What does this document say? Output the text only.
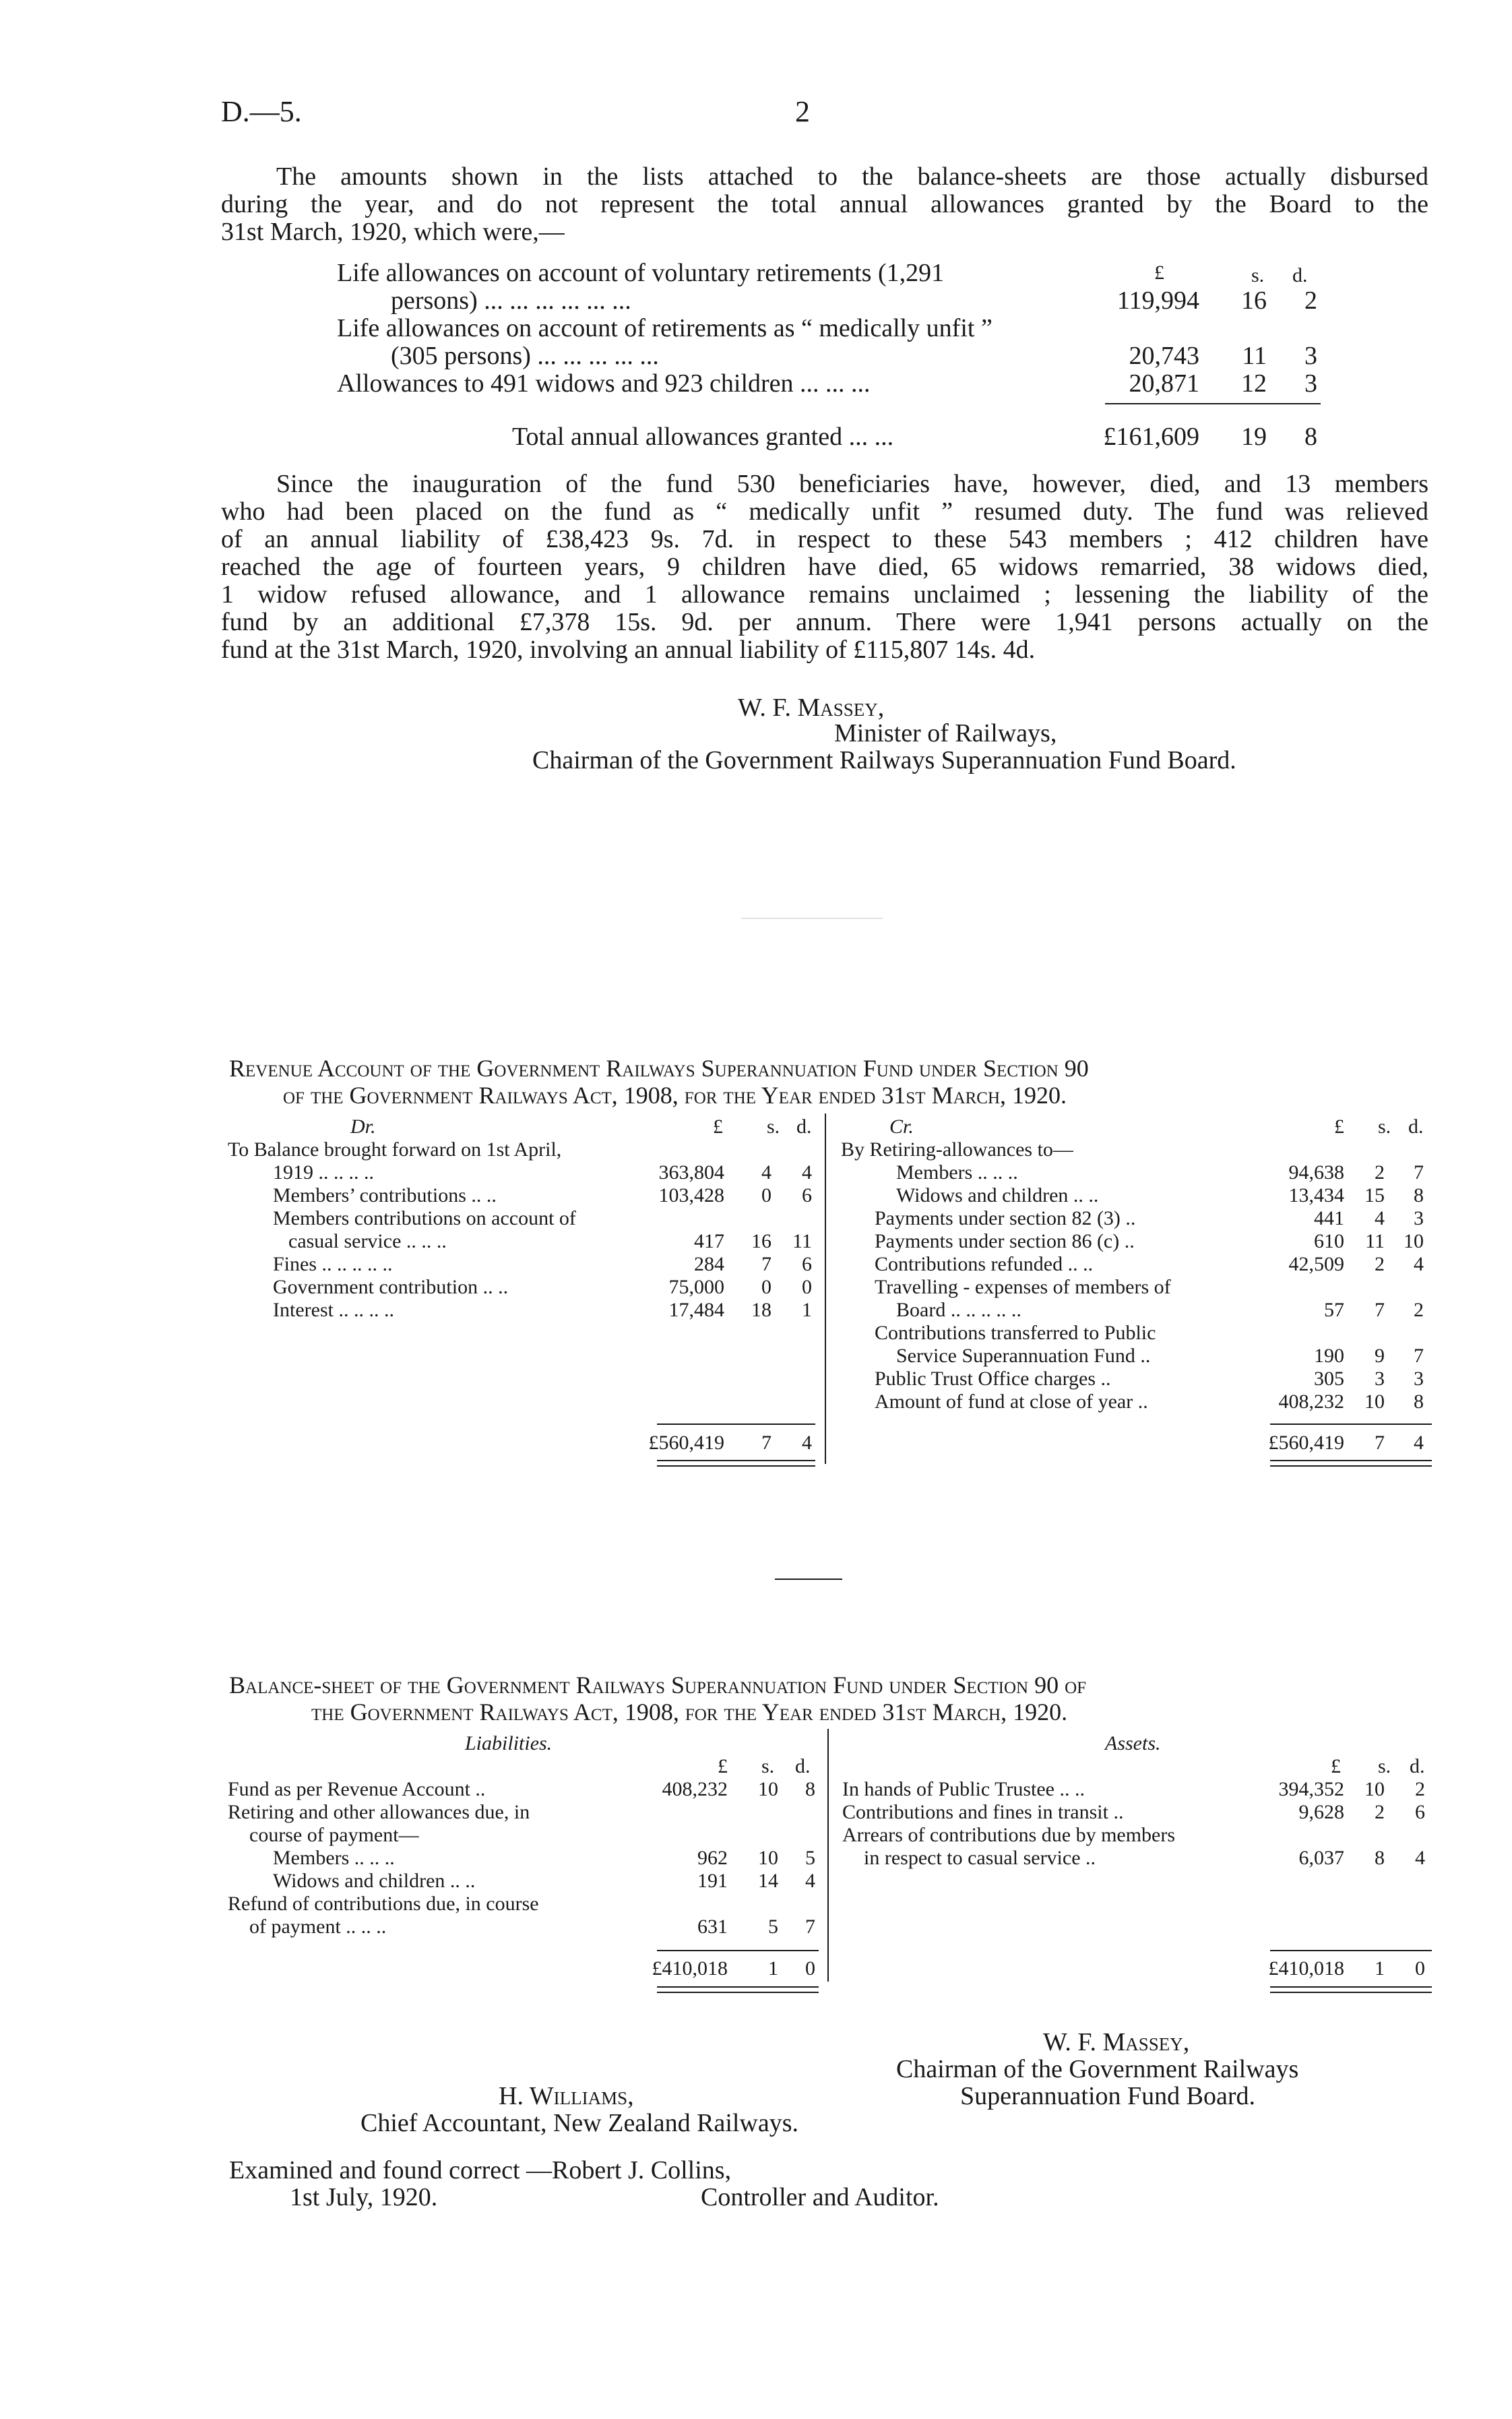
D.—5.	2
The amounts shown in the lists attached to the balance-sheets are those actually disbursed
during the year, and do not represent the total annual allowances granted by the Board to the
31st March, 1920, which were,—
£	s. d.
Life allowances on account of voluntary retirements (1,291
persons) ... ... ... ... ... ...	119,994	16	2
Life allowances on account of retirements as “ medically unfit ”
(305 persons) ... ... ... ... ...	20,743	11	3
Allowances to 491 widows and 923 children ... ... ...	20,871	12	3
Total annual allowances granted ... ...	£161,609	19	8
Since the inauguration of the fund 530 beneficiaries have, however, died, and 13 members
who had been placed on the fund as “ medically unfit ” resumed duty. The fund was relieved
of an annual liability of £38,423 9s. 7d. in respect to these 543 members ; 412 children have
reached the age of fourteen years, 9 children have died, 65 widows remarried, 38 widows died,
1 widow refused allowance, and 1 allowance remains unclaimed ; lessening the liability of the
fund by an additional £7,378 15s. 9d. per annum. There were 1,941 persons actually on the
fund at the 31st March, 1920, involving an annual liability of £115,807 14s. 4d.
W. F. Massey,
Minister of Railways,
Chairman of the Government Railways Superannuation Fund Board.
Revenue Account of the Government Railways Superannuation Fund under Section 90
of the Government Railways Act, 1908, for the Year ended 31st March, 1920.
Dr.	£ s. d.
To Balance brought forward on 1st April,
1919 .. .. .. ..	363,804	4	4
Members’ contributions .. ..	103,428	0	6
Members contributions on account of
casual service .. .. ..	417 16	11
Fines .. .. .. .. ..	284	7	6
Government contribution .. ..	75,000	0	0
Interest .. .. .. ..	17,484 18	1
£560,419	7	4
Cr.	£ s. d.
By Retiring-allowances to—
Members .. .. ..	94,638	2	7
Widows and children .. ..	13,434	15	8
Payments under section 82 (3) ..	441	4	3
Payments under section 86 (c) ..	610	11 10
Contributions refunded .. ..	42,509	2	4
Travelling - expenses of members of
Board .. .. .. .. ..	57	7	2
Contributions transferred to Public
Service Superannuation Fund ..	190	9	7
Public Trust Office charges ..	305	3	3
Amount of fund at close of year ..	408,232	10	8
£560,419	7	4
Balance-sheet of the Government Railways Superannuation Fund under Section 90 of
the Government Railways Act, 1908, for the Year ended 31st March, 1920.
Liabilities.
£ s. d.
Fund as per Revenue Account ..	408,232	10	8
Retiring and other allowances due, in
course of payment—
Members .. .. ..	962	10	5
Widows and children .. ..	191	14	4
Refund of contributions due, in course
of payment .. .. ..	631	5	7
£410,018	1	0
Assets.
£ s. d.
In hands of Public Trustee .. ..	394,352	10	2
Contributions and fines in transit ..	9,628	2	6
Arrears of contributions due by members
in respect to casual service ..	6,037	8	4
£410,018	1	0
W. F. Massey,
Chairman of the Government Railways
Superannuation Fund Board.
H. Williams,
Chief Accountant, New Zealand Railways.
Examined and found correct —Robert J. Collins,
1st July, 1920.	Controller and Auditor.
